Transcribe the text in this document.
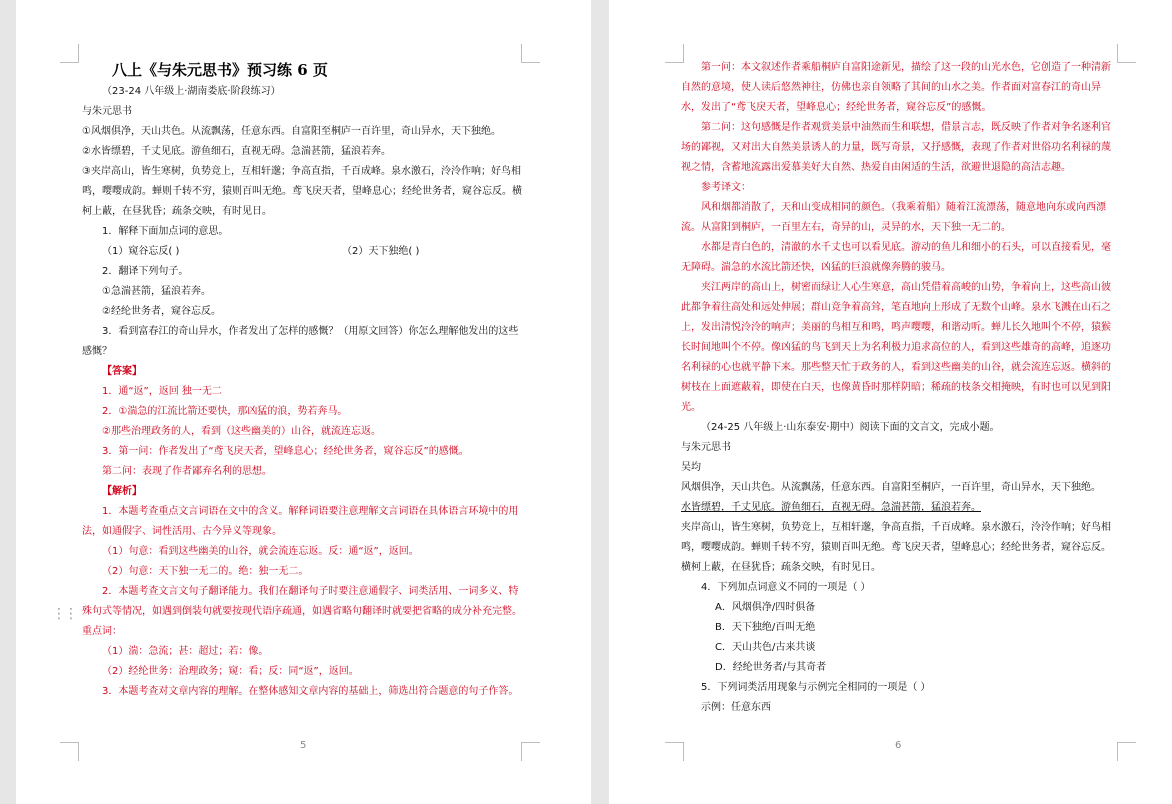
八上《与朱元思书》预习练 6 页

（23-24 八年级上·湖南娄底·阶段练习）

与朱元思书

①风烟俱净，天山共色。从流飘荡，任意东西。自富阳至桐庐一百许里，奇山异水，天下独绝。

②水皆缥碧，千丈见底。游鱼细石，直视无碍。急湍甚箭，猛浪若奔。

③夹岸高山，皆生寒树，负势竞上，互相轩邈；争高直指，千百成峰。泉水激石，泠泠作响；好鸟相鸣，嘤嘤成韵。蝉则千转不穷，猿则百叫无绝。鸢飞戾天者，望峰息心；经纶世务者，窥谷忘反。横柯上蔽，在昼犹昏；疏条交映，有时见日。

1．解释下面加点词的意思。

（1）窥谷忘反( )	（2）天下独绝( )

2．翻译下列句子。

①急湍甚箭，猛浪若奔。

②经纶世务者，窥谷忘反。

3．看到富春江的奇山异水，作者发出了怎样的感慨？（用原文回答）你怎么理解他发出的这些感慨？

【答案】

1．通“返”，返回 独一无二

2．①湍急的江流比箭还要快，那凶猛的浪，势若奔马。

②那些治理政务的人，看到（这些幽美的）山谷，就流连忘返。

3．第一问：作者发出了“鸢飞戾天者，望峰息心；经纶世务者，窥谷忘反”的感慨。

第二问：表现了作者鄙弃名利的思想。

【解析】

1．本题考查重点文言词语在文中的含义。解释词语要注意理解文言词语在具体语言环境中的用法，如通假字、词性活用、古今异义等现象。

（1）句意：看到这些幽美的山谷，就会流连忘返。反：通“返”，返回。

（2）句意：天下独一无二的。绝：独一无二。

2．本题考查文言文句子翻译能力。我们在翻译句子时要注意通假字、词类活用、一词多义、特殊句式等情况，如遇到倒装句就要按现代语序疏通，如遇省略句翻译时就要把省略的成分补充完整。重点词：

（1）湍：急流；甚：超过；若：像。

（2）经纶世务：治理政务；窥：看；反：同“返”，返回。

3．本题考查对文章内容的理解。在整体感知文章内容的基础上，筛选出符合题意的句子作答。

5
⋮⋮

第一问：本文叙述作者乘船桐庐自富阳途新见，描绘了这一段的山光水色，它创造了一种清新自然的意境，使人读后悠然神往，仿佛也亲自领略了其间的山水之美。作者面对富春江的奇山异水，发出了“鸢飞戾天者，望峰息心；经纶世务者，窥谷忘反”的感慨。

第二问：这句感慨是作者观赏美景中油然而生和联想，借景言志，既反映了作者对争名逐利官场的鄙视，又对出大自然美景诱人的力量，既写奇景，又抒感慨，表现了作者对世俗功名利禄的蔑视之情，含蓄地流露出爱慕美好大自然、热爱自由闲适的生活，欲避世退隐的高洁志趣。

参考译文：

风和烟都消散了，天和山变成相同的颜色。（我乘着船）随着江流漂荡，随意地向东或向西漂流。从富阳到桐庐，一百里左右，奇异的山，灵异的水，天下独一无二的。

水都是青白色的，清澈的水千丈也可以看见底。游动的鱼儿和细小的石头，可以直接看见，毫无障碍。湍急的水流比箭还快，凶猛的巨浪就像奔腾的骏马。

夹江两岸的高山上，树密而绿让人心生寒意，高山凭借着高峻的山势，争着向上，这些高山彼此都争着往高处和远处伸展；群山竞争着高耸，笔直地向上形成了无数个山峰。泉水飞溅在山石之上，发出清悦泠泠的响声；美丽的鸟相互和鸣，鸣声嘤嘤，和谐动听。蝉儿长久地叫个不停，猿猴长时间地叫个不停。像凶猛的鸟飞到天上为名利极力追求高位的人，看到这些雄奇的高峰，追逐功名利禄的心也就平静下来。那些整天忙于政务的人，看到这些幽美的山谷，就会流连忘返。横斜的树枝在上面遮蔽着，即使在白天，也像黄昏时那样阴暗；稀疏的枝条交相掩映，有时也可以见到阳光。

（24-25 八年级上·山东泰安·期中）阅读下面的文言文，完成小题。

与朱元思书

吴均

风烟俱净，天山共色。从流飘荡，任意东西。自富阳至桐庐，一百许里，奇山异水，天下独绝。

水皆缥碧，千丈见底。游鱼细石，直视无碍。急湍甚箭，猛浪若奔。

夹岸高山，皆生寒树，负势竞上，互相轩邈，争高直指，千百成峰。泉水激石，泠泠作响；好鸟相鸣，嘤嘤成韵。蝉则千转不穷，猿则百叫无绝。鸢飞戾天者，望峰息心；经纶世务者，窥谷忘反。横柯上蔽，在昼犹昏；疏条交映，有时见日。

4．下列加点词意义不同的一项是（ ）

A．风烟俱净/四时俱备

B．天下独绝/百叫无绝

C．天山共色/古来共谈

D．经纶世务者/与其奇者

5．下列词类活用现象与示例完全相同的一项是（ ）

示例：任意东西

6
